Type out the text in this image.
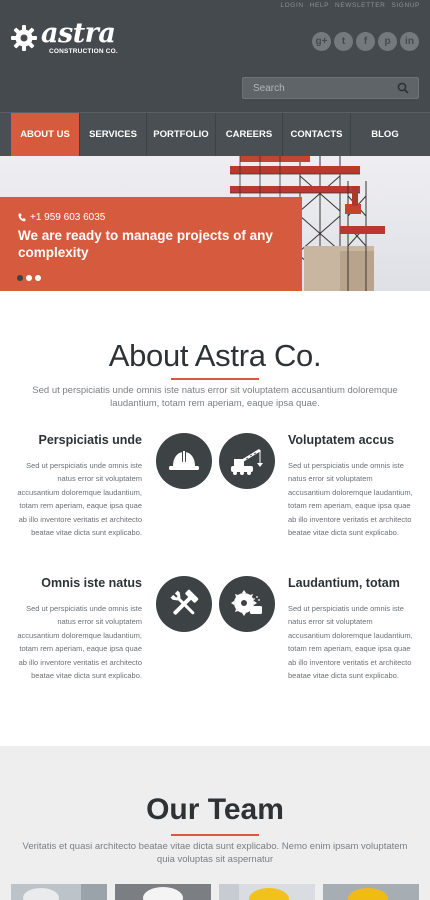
LOGIN HELP NEWSLETTER SIGNUP
astra
CONSTRUCTION CO.
g+	t	f	p	in
Search
ABOUT US	SERVICES	PORTFOLIO	CAREERS	CONTACTS	BLOG
+1 959 603 6035
We are ready to manage projects of any complexity
About Astra Co.

Sed ut perspiciatis unde omnis iste natus error sit voluptatem accusantium doloremque laudantium, totam rem aperiam, eaque ipsa quae.

Perspiciatis unde
Sed ut perspiciatis unde omnis iste natus error sit voluptatem accusantium doloremque laudantium, totam rem aperiam, eaque ipsa quae ab illo inventore veritatis et architecto beatae vitae dicta sunt explicabo.
Voluptatem accus
Sed ut perspiciatis unde omnis iste natus error sit voluptatem accusantium doloremque laudantium, totam rem aperiam, eaque ipsa quae ab illo inventore veritatis et architecto beatae vitae dicta sunt explicabo.
Omnis iste natus
Sed ut perspiciatis unde omnis iste natus error sit voluptatem accusantium doloremque laudantium, totam rem aperiam, eaque ipsa quae ab illo inventore veritatis et architecto beatae vitae dicta sunt explicabo.
Laudantium, totam
Sed ut perspiciatis unde omnis iste natus error sit voluptatem accusantium doloremque laudantium, totam rem aperiam, eaque ipsa quae ab illo inventore veritatis et architecto beatae vitae dicta sunt explicabo.
Our Team

Veritatis et quasi architecto beatae vitae dicta sunt explicabo. Nemo enim ipsam voluptatem quia voluptas sit aspernatur
